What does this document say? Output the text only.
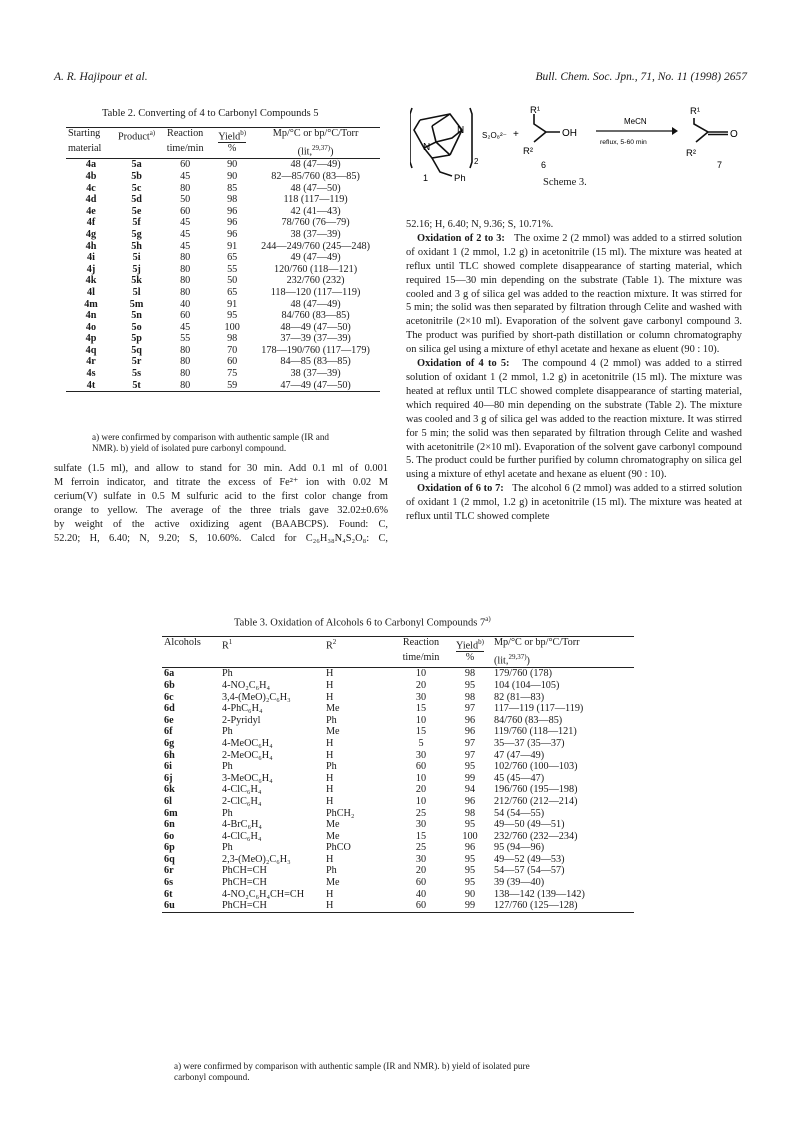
A. R. Hajipour et al.	Bull. Chem. Soc. Jpn., 71, No. 11 (1998) 2657
Table 2. Converting of 4 to Carbonyl Compounds 5

Starting	Product$^{a)}$	Reaction	Yield$^{b)}$	Mp/°C or bp/°C/Torr
material		time/min	%	(lit,$^{29,37)}$)

4a	5a	60	90	48 (47—49)
4b	5b	45	90	82—85/760 (83—85)
4c	5c	80	85	48 (47—50)
4d	5d	50	98	118 (117—119)
4e	5e	60	96	42 (41—43)
4f	5f	45	96	78/760 (76—79)
4g	5g	45	96	38 (37—39)
4h	5h	45	91	244—249/760 (245—248)
4i	5i	80	65	49 (47—49)
4j	5j	80	55	120/760 (118—121)
4k	5k	80	50	232/760 (232)
4l	5l	80	65	118—120 (117—119)
4m	5m	40	91	48 (47—49)
4n	5n	60	95	84/760 (83—85)
4o	5o	45	100	48—49 (47—50)
4p	5p	55	98	37—39 (37—39)
4q	5q	80	70	178—190/760 (117—179)
4r	5r	80	60	84—85 (83—85)
4s	5s	80	75	38 (37—39)
4t	5t	80	59	47—49 (47—50)

a) were confirmed by comparison with authentic sample (IR and
NMR). b) yield of isolated pure carbonyl compound.
sulfate (1.5 ml), and allow to stand for 30 min. Add 0.1 ml of 0.001
M ferroin indicator, and titrate the excess of Fe²⁺ ion with 0.02 M
cerium(V) sulfate in 0.5 M sulfuric acid to the first color change from
orange to yellow. The average of the three trials gave 32.02±0.6%
by weight of the active oxidizing agent (BAABCPS). Found: C,
52.20; H, 6.40; N, 9.20; S, 10.60%. Calcd for C₂₆H₃₈N₄S₂O₈: C,
N
N
2
Ph
1
S₂O₈²⁻ +
R¹
R²
OH
6
MeCN
reflux, 5-60 min
R¹
R²
O
7
Scheme 3.

52.16; H, 6.40; N, 9.36; S, 10.71%.

Oxidation of 2 to 3: The oxime 2 (2 mmol) was added to a stirred solution of oxidant 1 (2 mmol, 1.2 g) in acetonitrile (15 ml). The mixture was heated at reflux until TLC showed complete disappearance of starting material, which required 15—30 min depending on the substrate (Table 1). The mixture was cooled and 3 g of silica gel was added to the reaction mixture. It was stirred for 5 min; the solid was then separated by filtration through Celite and washed with acetonitrile (2×10 ml). Evaporation of the solvent gave carbonyl compound 3. The product was purified by short-path distillation or column chromatography on silica gel using a mixture of ethyl acetate and hexane as eluent (90 : 10).

Oxidation of 4 to 5: The compound 4 (2 mmol) was added to a stirred solution of oxidant 1 (2 mmol, 1.2 g) in acetonitrile (15 ml). The mixture was heated at reflux until TLC showed complete disappearance of starting material, which required 40—80 min depending on the substrate (Table 2). The mixture was cooled and 3 g of silica gel was added to the reaction mixture. It was stirred for 5 min; the solid was then separated by filtration through Celite and washed with acetonitrile (2×10 ml). Evaporation of the solvent gave carbonyl compound 5. The product could be further purified by column chromatography on silica gel using a mixture of ethyl acetate and hexane as eluent (90 : 10).

Oxidation of 6 to 7: The alcohol 6 (2 mmol) was added to a stirred solution of oxidant 1 (2 mmol, 1.2 g) in acetonitrile (15 ml). The mixture was heated at reflux until TLC showed complete

Table 3. Oxidation of Alcohols 6 to Carbonyl Compounds 7$^{a)}$

Alcohols	$R^1$	$R^2$	Reaction	Yield$^{b)}$	Mp/°C or bp/°C/Torr
			time/min	%	(lit,$^{29,37)}$)

6a	Ph	H	10	98	179/760 (178)
6b	4-NO₂C₆H₄	H	20	95	104 (104—105)
6c	3,4-(MeO)₂C₆H₃	H	30	98	82 (81—83)
6d	4-PhC₆H₄	Me	15	97	117—119 (117—119)
6e	2-Pyridyl	Ph	10	96	84/760 (83—85)
6f	Ph	Me	15	96	119/760 (118—121)
6g	4-MeOC₆H₄	H	5	97	35—37 (35—37)
6h	2-MeOC₆H₄	H	30	97	47 (47—49)
6i	Ph	Ph	60	95	102/760 (100—103)
6j	3-MeOC₆H₄	H	10	99	45 (45—47)
6k	4-ClC₆H₄	H	20	94	196/760 (195—198)
6l	2-ClC₆H₄	H	10	96	212/760 (212—214)
6m	Ph	PhCH₂	25	98	54 (54—55)
6n	4-BrC₆H₄	Me	30	95	49—50 (49—51)
6o	4-ClC₆H₄	Me	15	100	232/760 (232—234)
6p	Ph	PhCO	25	96	95 (94—96)
6q	2,3-(MeO)₂C₆H₃	H	30	95	49—52 (49—53)
6r	PhCH=CH	Ph	20	95	54—57 (54—57)
6s	PhCH=CH	Me	60	95	39 (39—40)
6t	4-NO₂C₆H₄CH=CH	H	40	90	138—142 (139—142)
6u	PhCH=CH	H	60	99	127/760 (125—128)

a) were confirmed by comparison with authentic sample (IR and NMR). b) yield of isolated pure
carbonyl compound.
